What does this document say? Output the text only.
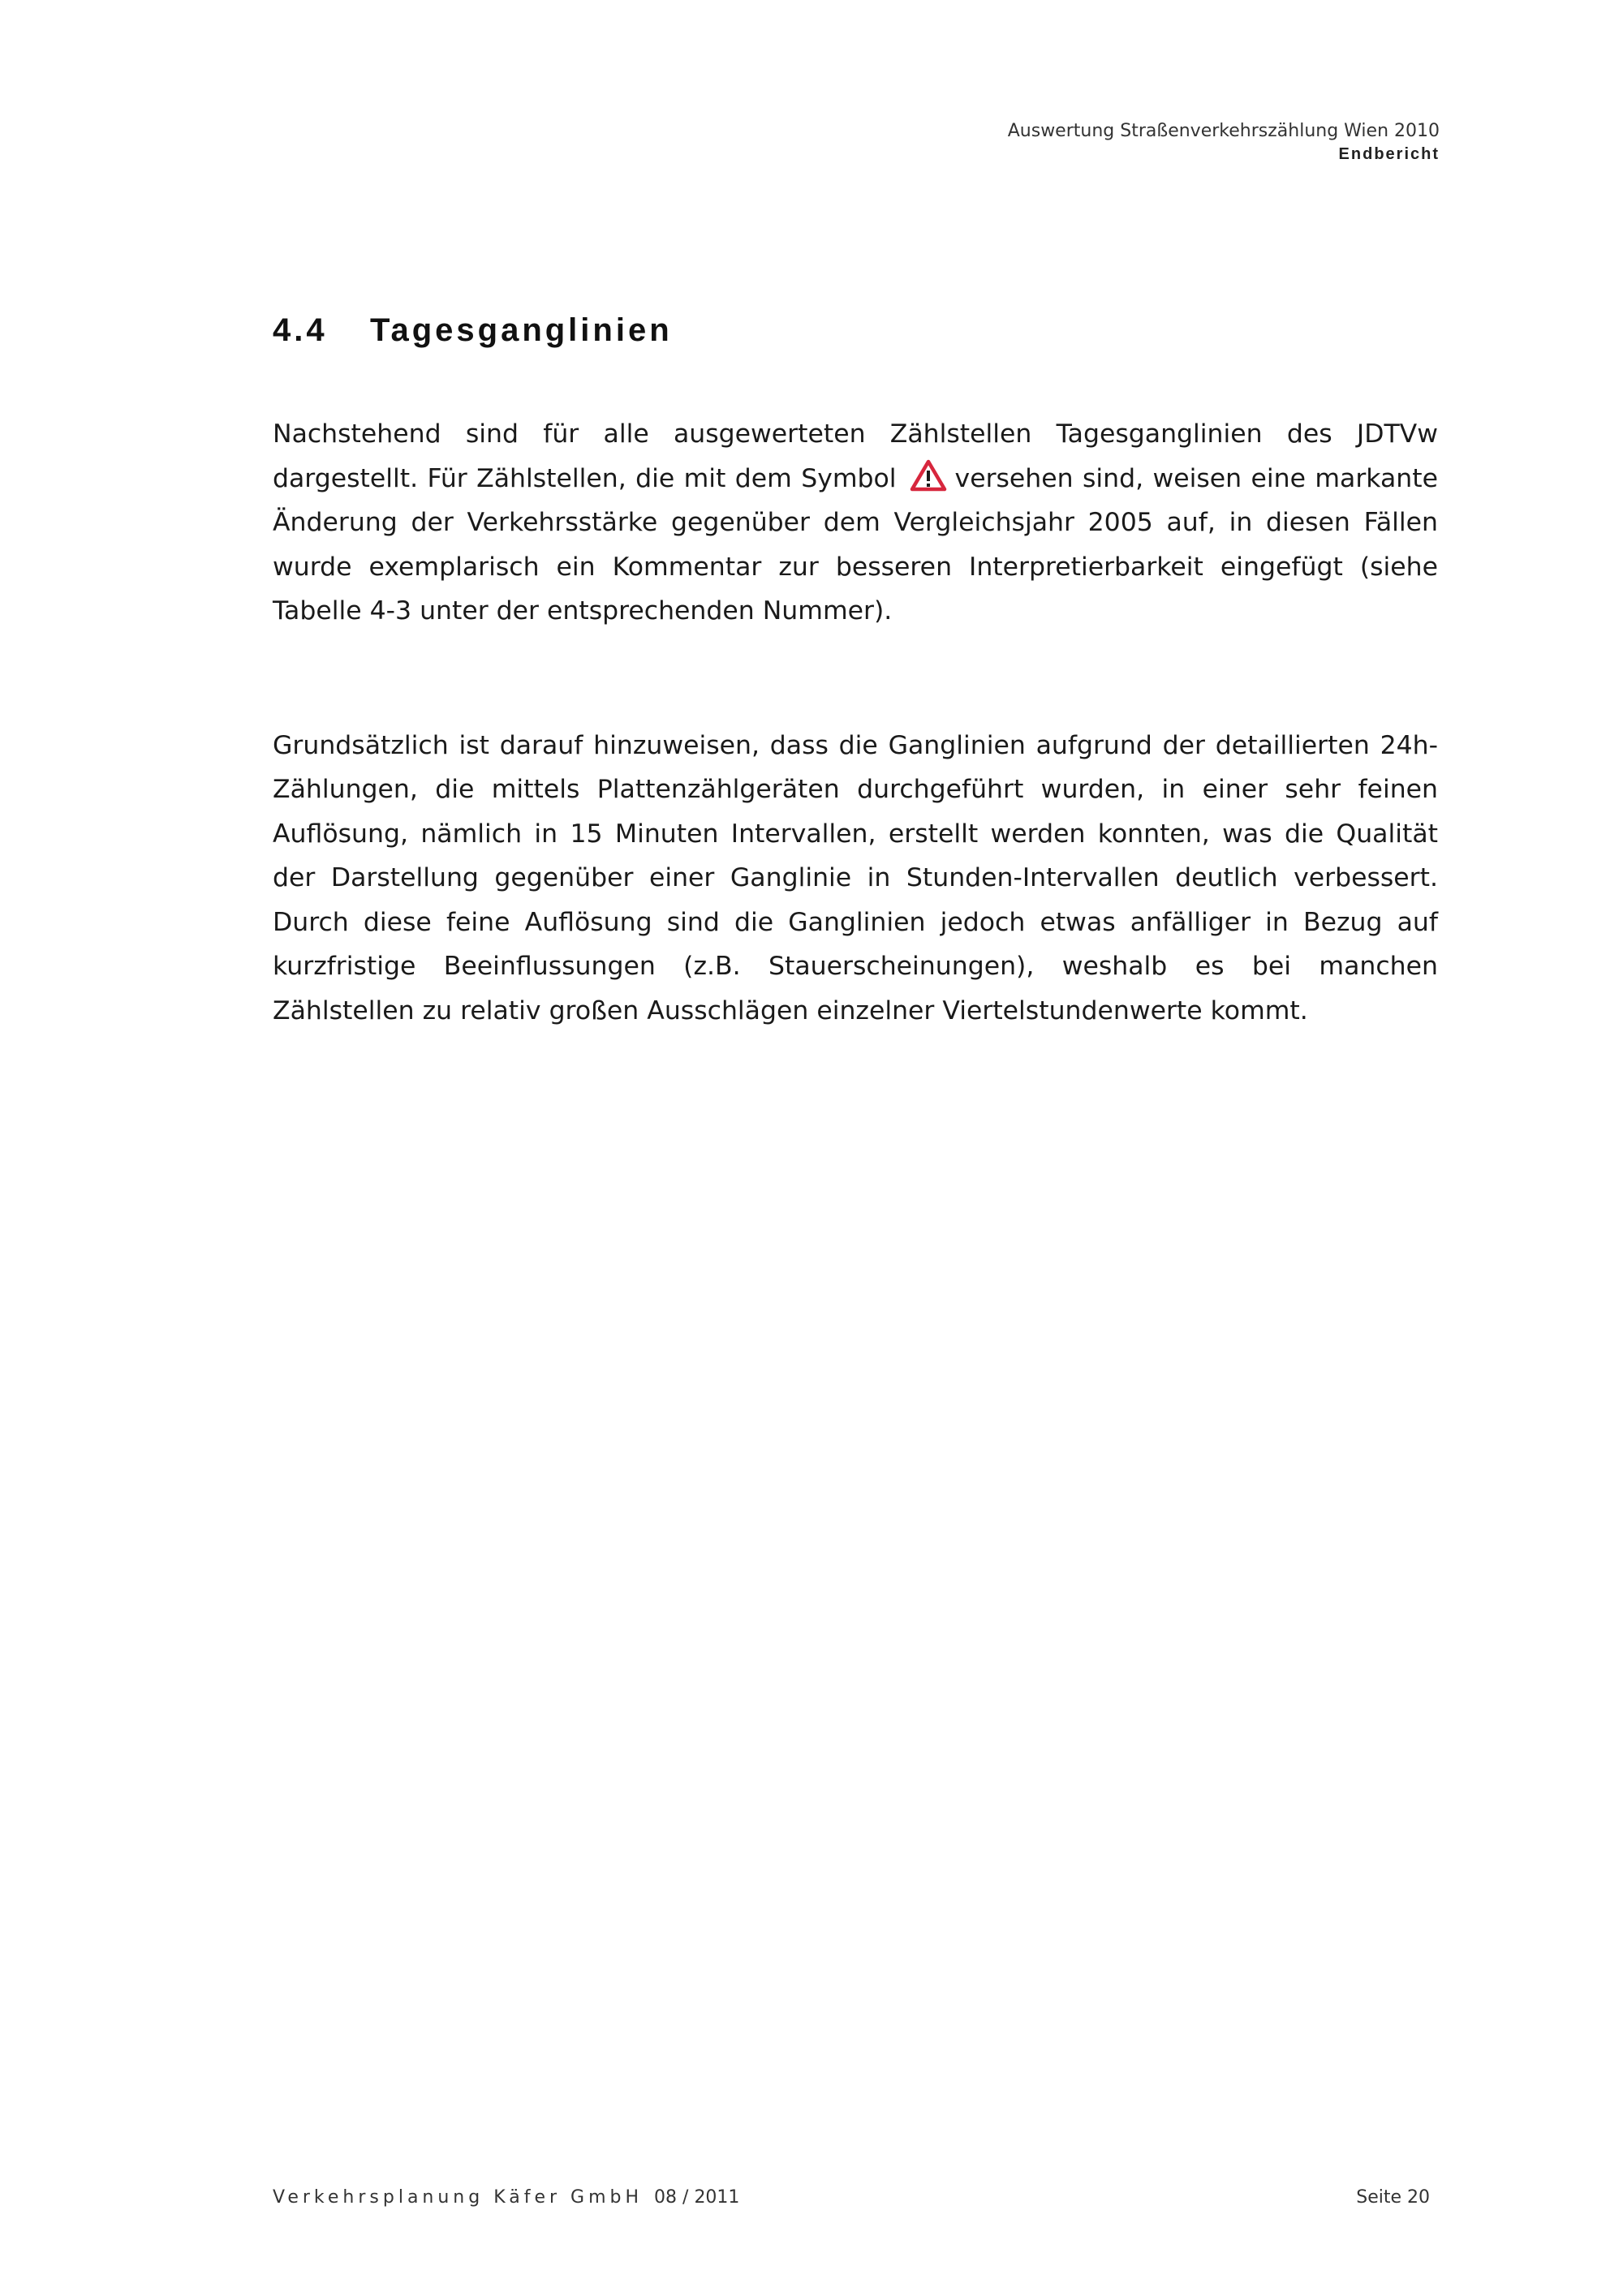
Auswertung Straßenverkehrszählung Wien 2010
Endbericht
4.4 Tagesganglinien

Nachstehend sind für alle ausgewerteten Zählstellen Tagesganglinien des JDTVw dargestellt. Für Zählstellen, die mit dem Symbol versehen sind, weisen eine markante Änderung der Verkehrsstärke gegenüber dem Vergleichsjahr 2005 auf, in diesen Fällen wurde exemplarisch ein Kommentar zur besseren Interpretierbarkeit eingefügt (siehe Tabelle 4-3 unter der entsprechenden Nummer).

Grundsätzlich ist darauf hinzuweisen, dass die Ganglinien aufgrund der detaillierten 24h-Zählungen, die mittels Plattenzählgeräten durchgeführt wurden, in einer sehr feinen Auflösung, nämlich in 15 Minuten Intervallen, erstellt werden konnten, was die Qualität der Darstellung gegenüber einer Ganglinie in Stunden-Intervallen deutlich verbessert. Durch diese feine Auflösung sind die Ganglinien jedoch etwas anfälliger in Bezug auf kurzfristige Beeinflussungen (z.B. Stauerscheinungen), weshalb es bei manchen Zählstellen zu relativ großen Ausschlägen einzelner Viertelstundenwerte kommt.

Verkehrsplanung Käfer GmbH 08 / 2011	Seite 20
